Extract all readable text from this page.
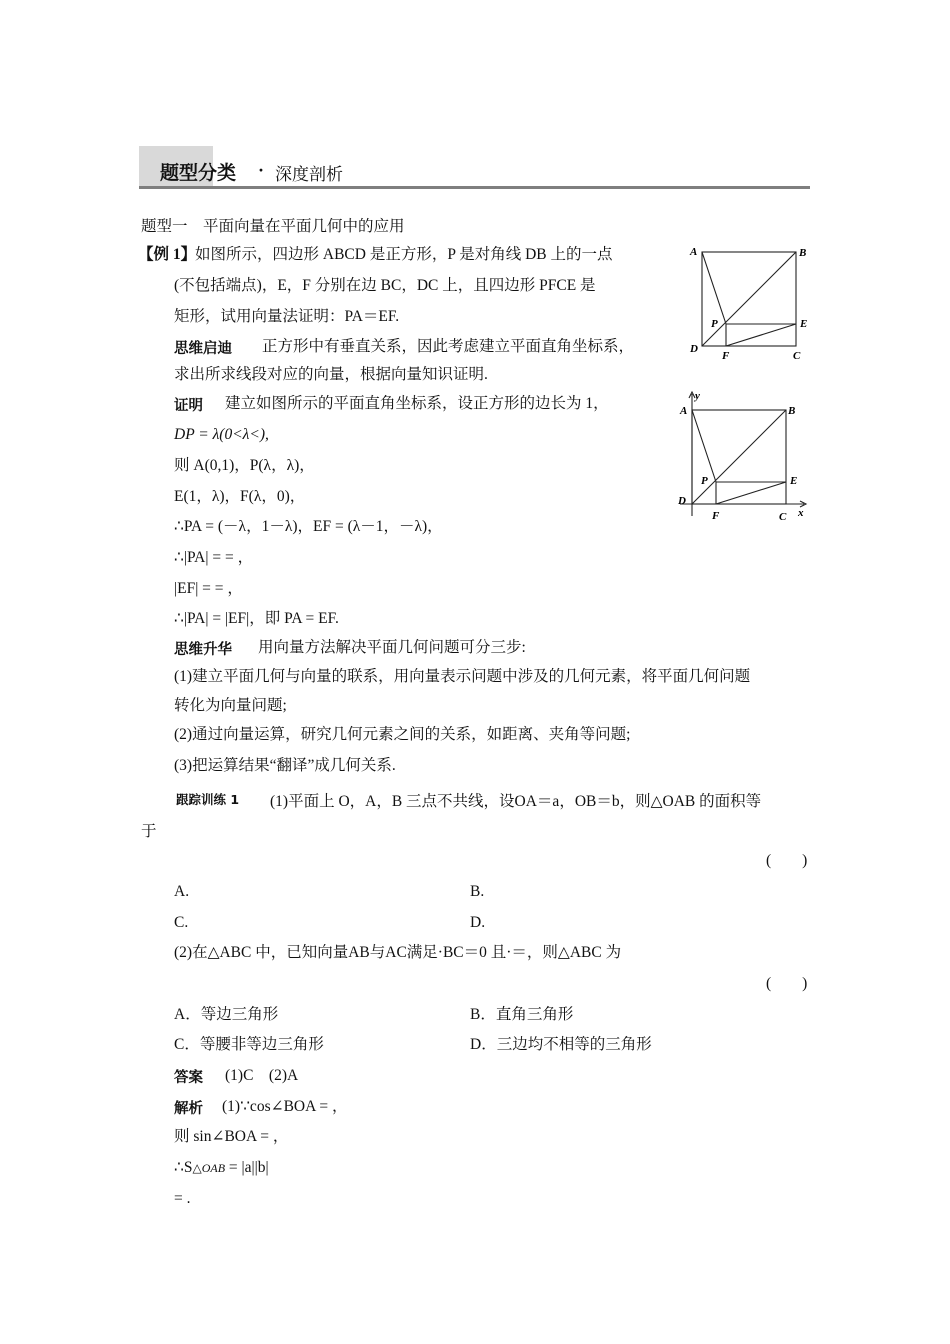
题型分类 · 深度剖析
题型一　平面向量在平面几何中的应用
【例 1】
如图所示，四边形 ABCD 是正方形，P 是对角线 DB 上的一点
(不包括端点)，E，F 分别在边 BC，DC 上，且四边形 PFCE 是
矩形，试用向量法证明：PA＝EF.
思维启迪 正方形中有垂直关系，因此考虑建立平面直角坐标系，
求出所求线段对应的向量，根据向量知识证明.
证明 建立如图所示的平面直角坐标系，设正方形的边长为 1，
DP = λ(0<λ<),
则 A(0,1)，P(λ，λ)，
E(1，λ)，F(λ，0)，
∴PA = (－λ，1－λ)，EF = (λ－1，－λ)，
∴|PA| = = ，
|EF| = = ，
∴|PA| = |EF|，即 PA = EF.
思维升华 用向量方法解决平面几何问题可分三步:
(1)建立平面几何与向量的联系，用向量表示问题中涉及的几何元素，将平面几何问题
转化为向量问题;
(2)通过向量运算，研究几何元素之间的关系，如距离、夹角等问题;
(3)把运算结果“翻译”成几何关系.
跟踪训练 1 (1)平面上 O，A，B 三点不共线，设OA＝a，OB＝b，则△OAB 的面积等
于
(　　)
A.	B.
C.	D.
(2)在△ABC 中，已知向量AB与AC满足·BC＝0 且·＝，则△ABC 为
(　　)
A．等边三角形	B．直角三角形
C．等腰非等边三角形	D．三边均不相等的三角形
答案 (1)C　(2)A
解析 (1)∵cos∠BOA = ，
则 sin∠BOA = ，
∴S△OAB = |a||b|
= .
A	B
P	E
D
F	C
y
A	B
P	E
D
F	C x
